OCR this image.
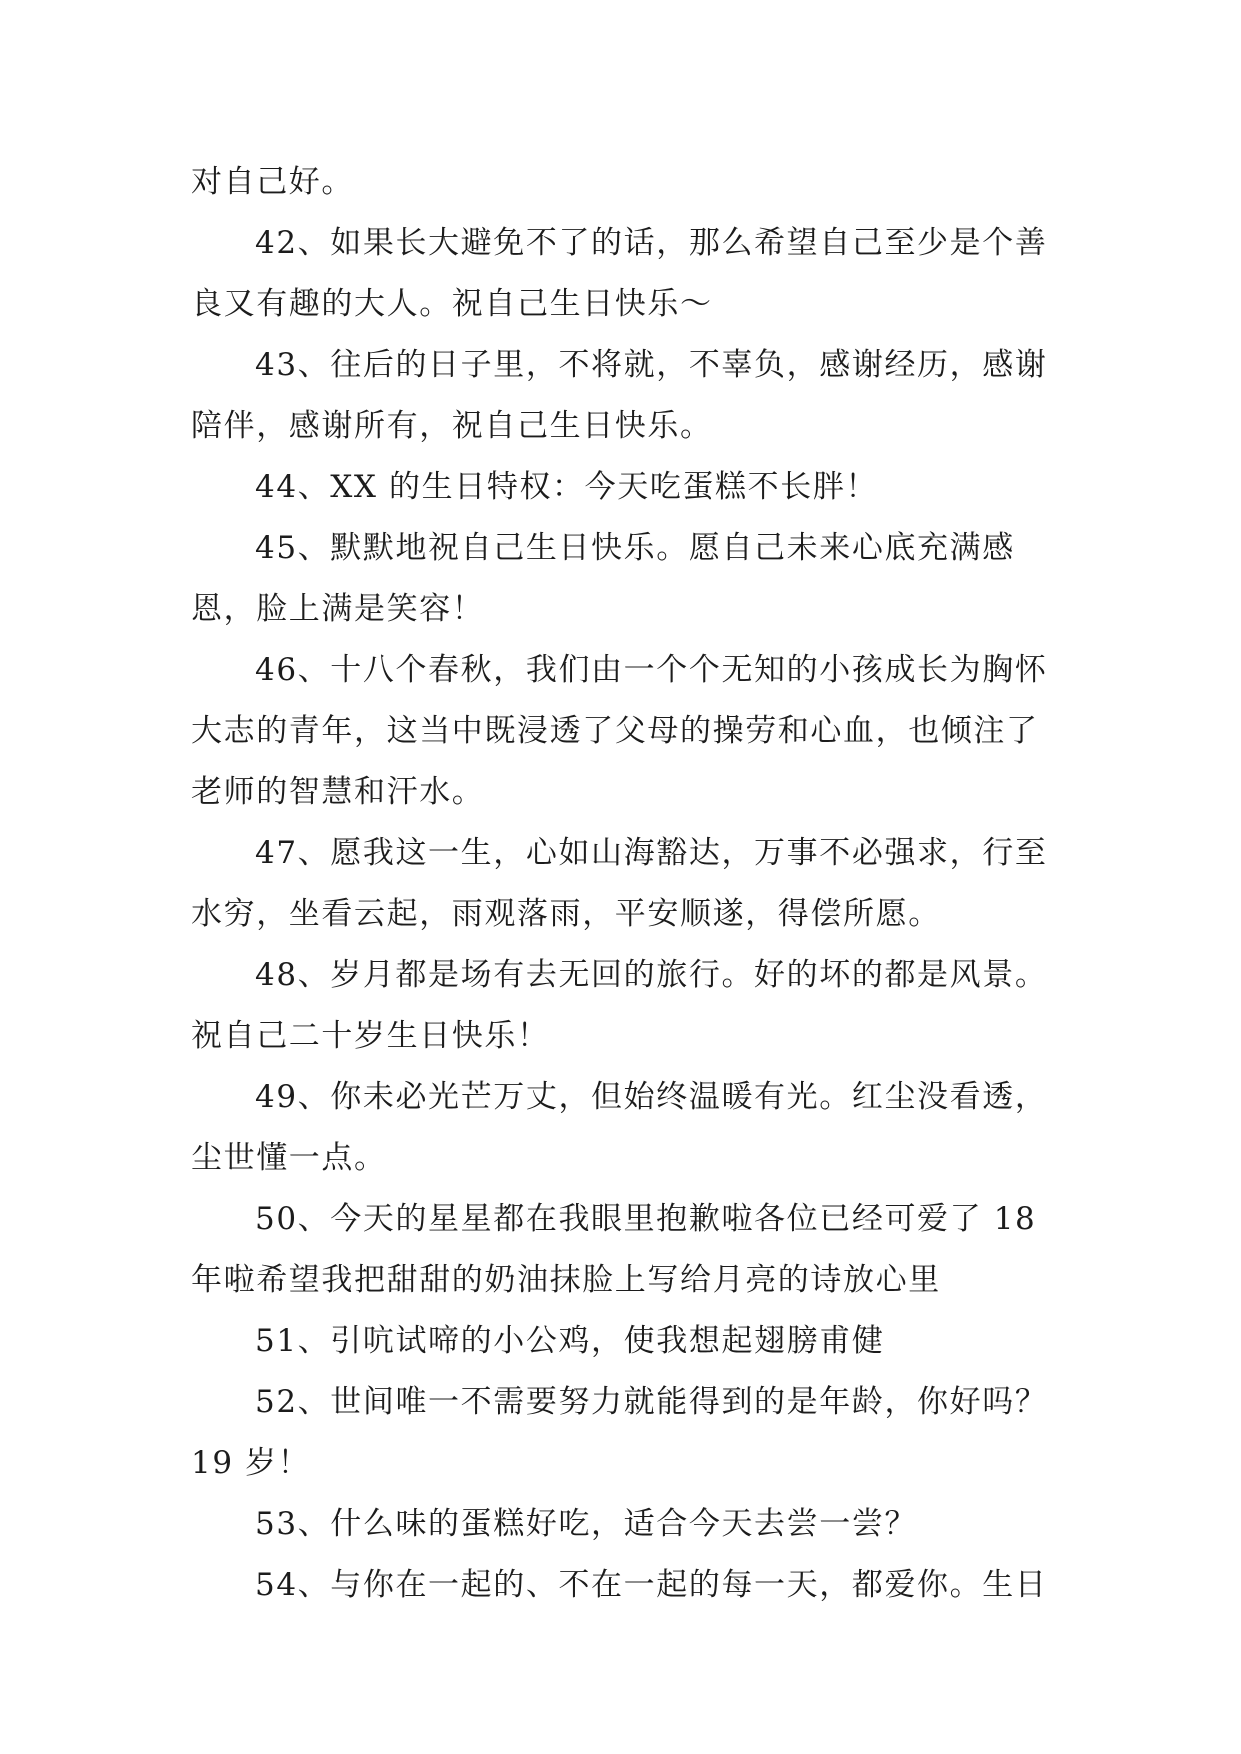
对自己好。

42、如果长大避免不了的话，那么希望自己至少是个善良又有趣的大人。祝自己生日快乐～

43、往后的日子里，不将就，不辜负，感谢经历，感谢陪伴，感谢所有，祝自己生日快乐。

44、XX 的生日特权：今天吃蛋糕不长胖！

45、默默地祝自己生日快乐。愿自己未来心底充满感恩，脸上满是笑容！

46、十八个春秋，我们由一个个无知的小孩成长为胸怀大志的青年，这当中既浸透了父母的操劳和心血，也倾注了老师的智慧和汗水。

47、愿我这一生，心如山海豁达，万事不必强求，行至水穷，坐看云起，雨观落雨，平安顺遂，得偿所愿。

48、岁月都是场有去无回的旅行。好的坏的都是风景。祝自己二十岁生日快乐！

49、你未必光芒万丈，但始终温暖有光。红尘没看透，尘世懂一点。

50、今天的星星都在我眼里抱歉啦各位已经可爱了 18 年啦希望我把甜甜的奶油抹脸上写给月亮的诗放心里

51、引吭试啼的小公鸡，使我想起翅膀甫健

52、世间唯一不需要努力就能得到的是年龄，你好吗？19 岁！

53、什么味的蛋糕好吃，适合今天去尝一尝？

54、与你在一起的、不在一起的每一天，都爱你。生日
